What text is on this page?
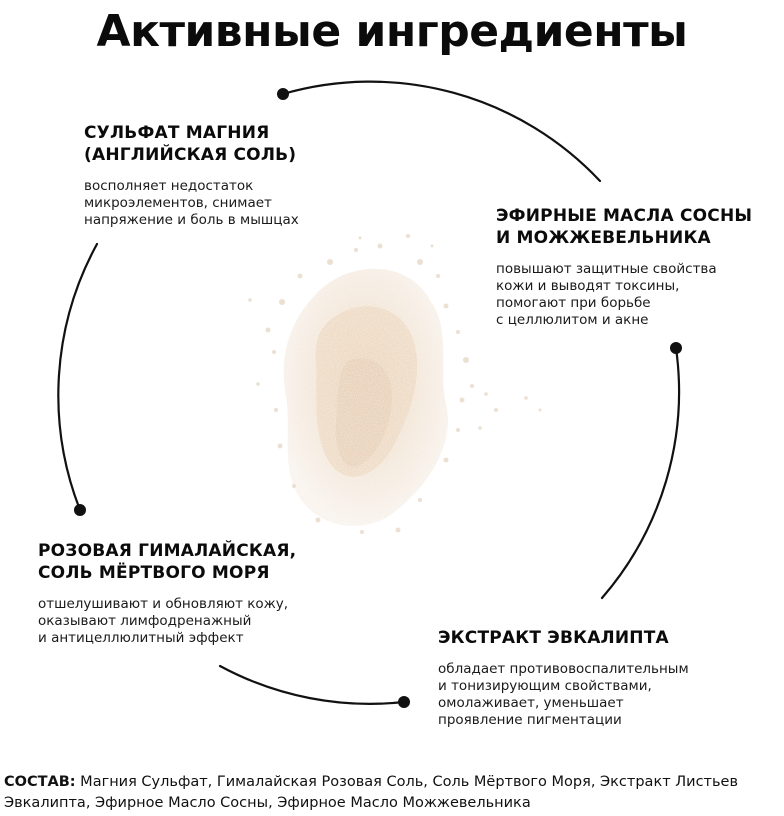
Активные ингредиенты

СУЛЬФАТ МАГНИЯ
(АНГЛИЙСКАЯ СОЛЬ)

восполняет недостаток
микроэлементов, снимает
напряжение и боль в мышцах	ЭФИРНЫЕ МАСЛА СОСНЫ
И МОЖЖЕВЕЛЬНИКА

повышают защитные свойства
кожи и выводят токсины,
помогают при борьбе
с целлюлитом и акне

РОЗОВАЯ ГИМАЛАЙСКАЯ,
СОЛЬ МЁРТВОГО МОРЯ

отшелушивают и обновляют кожу,
оказывают лимфодренажный
и антицеллюлитный эффект	ЭКСТРАКТ ЭВКАЛИПТА

обладает противовоспалительным
и тонизирующим свойствами,
омолаживает, уменьшает
проявление пигментации

СОСТАВ: Магния Сульфат, Гималайская Розовая Соль, Соль Мёртвого Моря, Экстракт Листьев Эвкалипта, Эфирное Масло Сосны, Эфирное Масло Можжевельника
